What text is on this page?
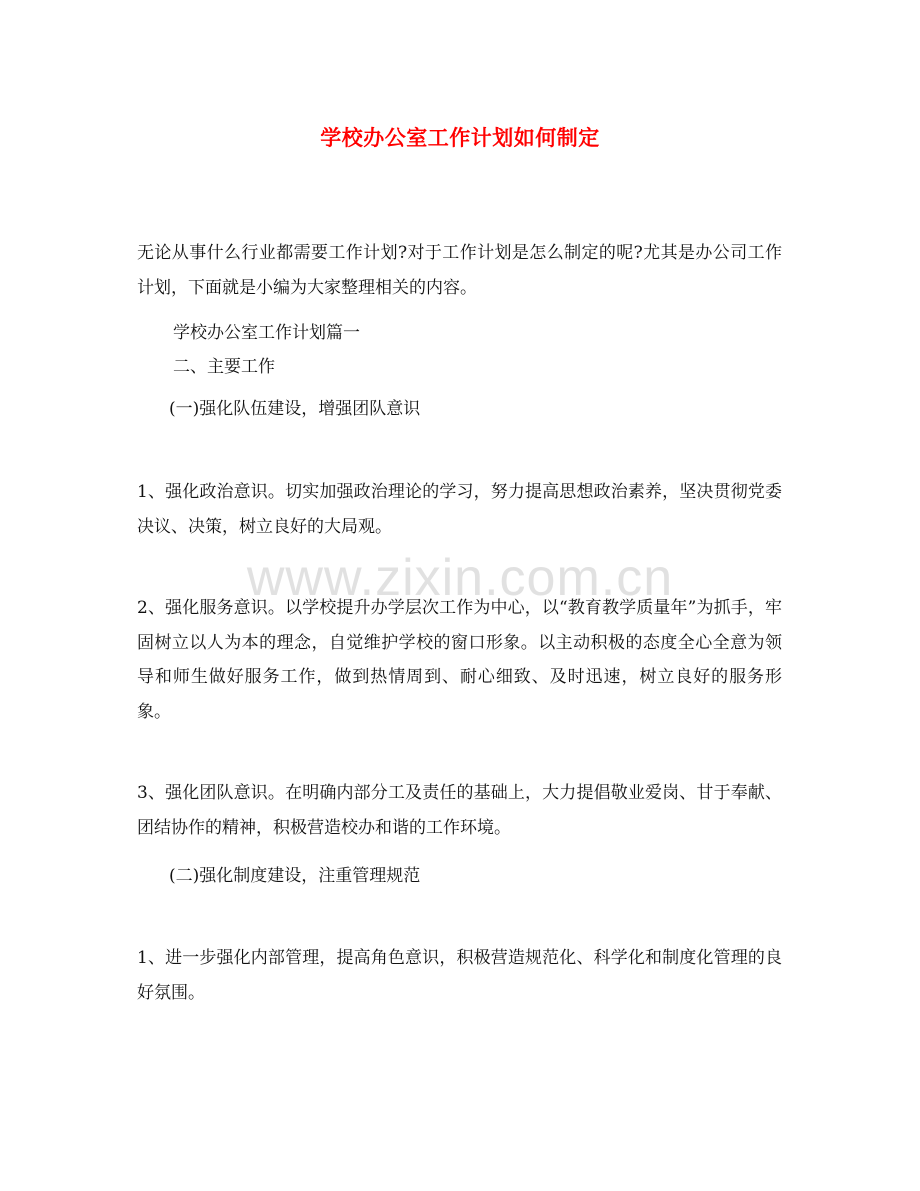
学校办公室工作计划如何制定

无论从事什么行业都需要工作计划?对于工作计划是怎么制定的呢?尤其是办公司工作计划，下面就是小编为大家整理相关的内容。

学校办公室工作计划篇一

二、主要工作

(一)强化队伍建设，增强团队意识

1、强化政治意识。切实加强政治理论的学习，努力提高思想政治素养，坚决贯彻党委决议、决策，树立良好的大局观。

2、强化服务意识。以学校提升办学层次工作为中心，以“教育教学质量年”为抓手，牢固树立以人为本的理念，自觉维护学校的窗口形象。以主动积极的态度全心全意为领导和师生做好服务工作，做到热情周到、耐心细致、及时迅速，树立良好的服务形象。

3、强化团队意识。在明确内部分工及责任的基础上，大力提倡敬业爱岗、甘于奉献、团结协作的精神，积极营造校办和谐的工作环境。

(二)强化制度建设，注重管理规范

1、进一步强化内部管理，提高角色意识，积极营造规范化、科学化和制度化管理的良好氛围。

www.zixin.com.cn
